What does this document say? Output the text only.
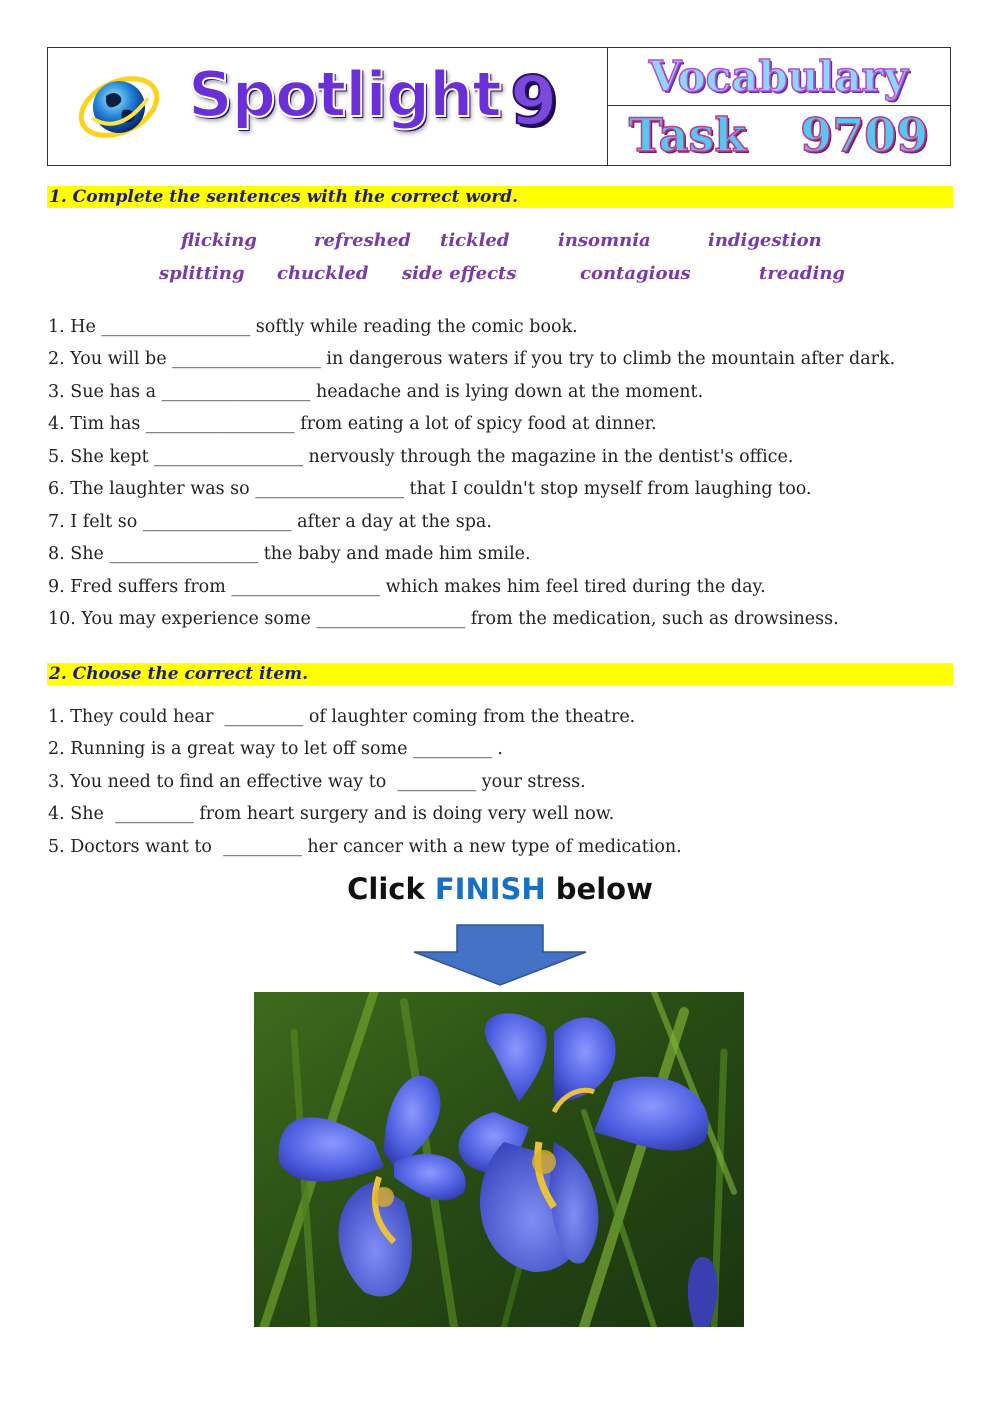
Spotlight 9 Vocabulary
Task 9709
1. Complete the sentences with the correct word.
flicking	refreshed tickled	insomnia	indigestion
splitting chuckled side effects	contagious	treading
1. He _________________ softly while reading the comic book.
2. You will be _________________ in dangerous waters if you try to climb the mountain after dark.
3. Sue has a _________________ headache and is lying down at the moment.
4. Tim has _________________ from eating a lot of spicy food at dinner.
5. She kept _________________ nervously through the magazine in the dentist's office.
6. The laughter was so _________________ that I couldn't stop myself from laughing too.
7. I felt so _________________ after a day at the spa.
8. She _________________ the baby and made him smile.
9. Fred suffers from _________________ which makes him feel tired during the day.
10. You may experience some _________________ from the medication, such as drowsiness.
2. Choose the correct item.
1. They could hear  _________ of laughter coming from the theatre.
2. Running is a great way to let off some _________ .
3. You need to find an effective way to  _________ your stress.
4. She  _________ from heart surgery and is doing very well now.
5. Doctors want to  _________ her cancer with a new type of medication.
Click FINISH below
